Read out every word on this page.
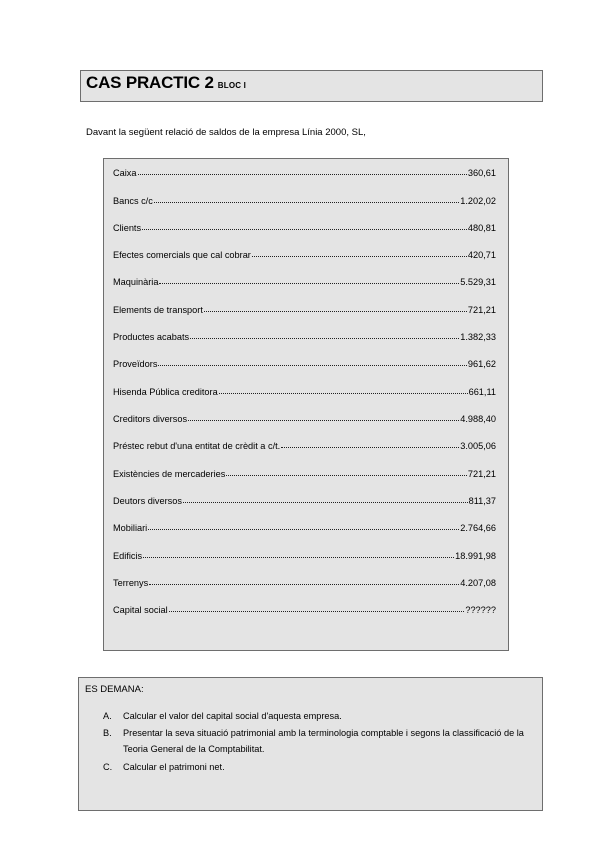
CAS PRACTIC 2 BLOC I
Davant la següent relació de saldos de la empresa Línia 2000, SL,
Caixa	360,61
Bancs c/c	1.202,02
Clients	480,81
Efectes comercials que cal cobrar	420,71
Maquinària	5.529,31
Elements de transport	721,21
Productes acabats	1.382,33
Proveïdors	961,62
Hisenda Pública creditora	661,11
Creditors diversos	4.988,40
Préstec rebut d'una entitat de crèdit a c/t.	3.005,06
Existències de mercaderies	721,21
Deutors diversos	811,37
Mobiliari	2.764,66
Edificis	18.991,98
Terrenys	4.207,08
Capital social	??????
ES DEMANA:
A. Calcular el valor del capital social d'aquesta empresa.
B. Presentar la seva situació patrimonial amb la terminologia comptable i segons la classificació de la Teoria General de la Comptabilitat.
C. Calcular el patrimoni net.
